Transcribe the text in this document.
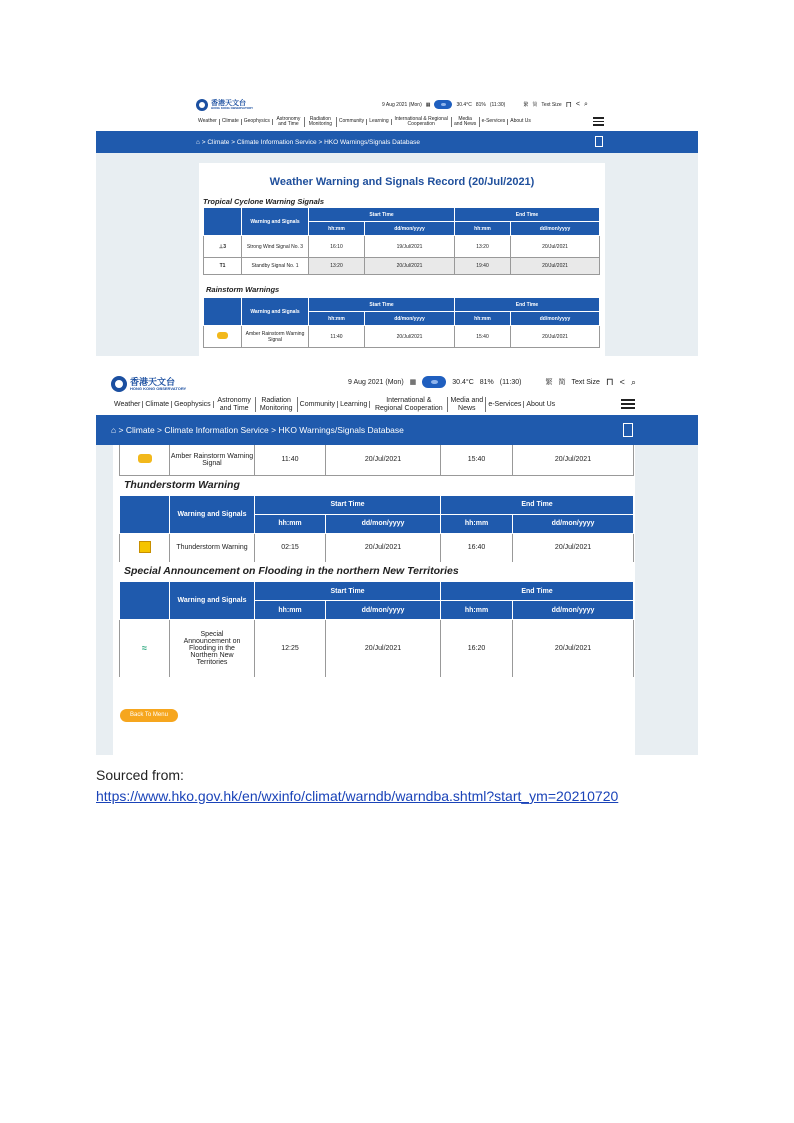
香港天文台
HONG KONG OBSERVATORY
9 Aug 2021 (Mon) ▦	30.4°C 81% (11:30)	繁 简 Text Size ⊓ < ⌕
Weather	Climate	Geophysics	Astronomy and Time
Radiation Monitoring	Community	Learning	International & Regional Cooperation
Media and News	e-Services	About Us
⌂ > Climate > Climate Information Service > HKO Warnings/Signals Database
Weather Warning and Signals Record (20/Jul/2021)
Tropical Cyclone Warning Signals
	Warning and Signals	Start Time		End Time	
		hh:mm	dd/mon/yyyy	hh:mm	dd/mon/yyyy
⊥3	Strong Wind Signal No. 3	16:10	19/Jul/2021	13:20	20/Jul/2021
T1	Standby Signal No. 1	13:20	20/Jul/2021	19:40	20/Jul/2021
Rainstorm Warnings
	Warning and Signals	Start Time		End Time	
		hh:mm	dd/mon/yyyy	hh:mm	dd/mon/yyyy
	Amber Rainstorm Warning Signal	11:40	20/Jul/2021	15:40	20/Jul/2021
香港天文台
HONG KONG OBSERVATORY
9 Aug 2021 (Mon) ▦	30.4°C 81% (11:30)	繁 简 Text Size ⊓ < ⌕
Weather Climate Geophysics
Astronomy and Time
Radiation Monitoring
Community Learning
International & Regional Cooperation
Media and News
e-Services About Us
⌂ > Climate > Climate Information Service > HKO Warnings/Signals Database
	Amber Rainstorm Warning Signal	11:40	20/Jul/2021	15:40	20/Jul/2021
Thunderstorm Warning
	Warning and Signals	Start Time		End Time	
		hh:mm	dd/mon/yyyy	hh:mm	dd/mon/yyyy
	Thunderstorm Warning	02:15	20/Jul/2021	16:40	20/Jul/2021
Special Announcement on Flooding in the northern New Territories
	Warning and Signals	Start Time		End Time	
		hh:mm	dd/mon/yyyy	hh:mm	dd/mon/yyyy
≈	Special Announcement on Flooding in the Northern New Territories	12:25	20/Jul/2021	16:20	20/Jul/2021
Back To Menu
Sourced from:
https://www.hko.gov.hk/en/wxinfo/climat/warndb/warndba.shtml?start_ym=20210720
